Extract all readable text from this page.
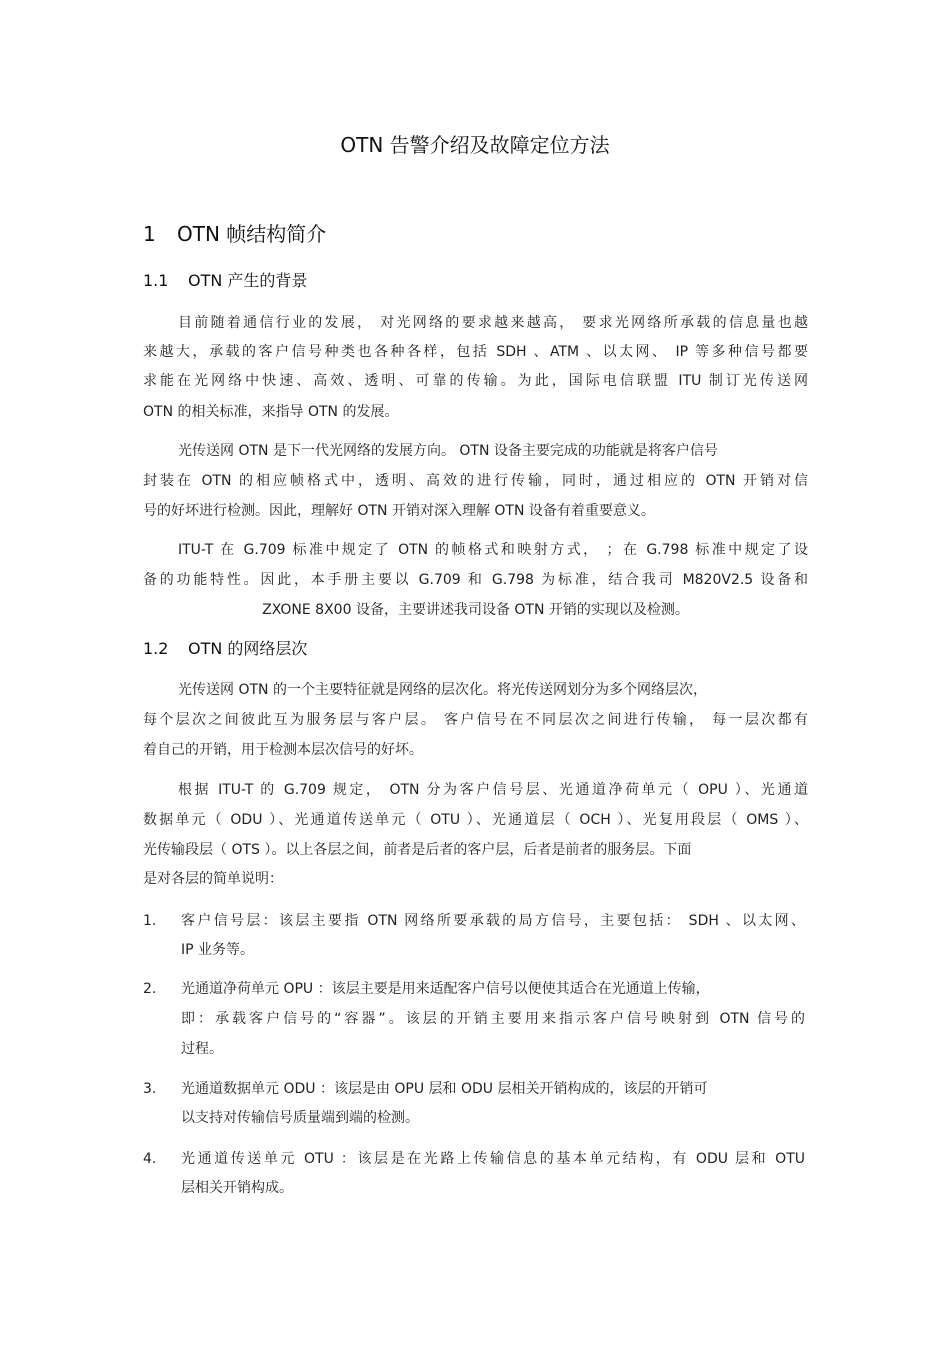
OTN 告警介绍及故障定位方法
1 OTN 帧结构简介
1.1 OTN 产生的背景
目前随着通信行业的发展， 对光网络的要求越来越高， 要求光网络所承载的信息量也越
来越大，承载的客户信号种类也各种各样，包括 SDH 、ATM 、以太网、 IP 等多种信号都要
求能在光网络中快速、高效、透明、可靠的传输。为此，国际电信联盟 ITU 制订光传送网
OTN 的相关标准，来指导 OTN 的发展。
光传送网 OTN 是下一代光网络的发展方向。 OTN 设备主要完成的功能就是将客户信号
封装在 OTN 的相应帧格式中，透明、高效的进行传输，同时，通过相应的 OTN 开销对信
号的好坏进行检测。因此，理解好 OTN 开销对深入理解 OTN 设备有着重要意义。
ITU-T 在 G.709 标准中规定了 OTN 的帧格式和映射方式， ；在 G.798 标准中规定了设
备的功能特性。因此，本手册主要以 G.709 和 G.798 为标准，结合我司 M820V2.5 设备和
ZXONE 8X00 设备，主要讲述我司设备 OTN 开销的实现以及检测。
1.2 OTN 的网络层次
光传送网 OTN 的一个主要特征就是网络的层次化。将光传送网划分为多个网络层次，
每个层次之间彼此互为服务层与客户层。 客户信号在不同层次之间进行传输， 每一层次都有
着自己的开销，用于检测本层次信号的好坏。
根据 ITU-T 的 G.709 规定， OTN 分为客户信号层、光通道净荷单元（ OPU ）、光通道
数据单元（ ODU ）、光通道传送单元（ OTU ）、光通道层（ OCH ）、光复用段层（ OMS ）、
光传输段层（ OTS ）。以上各层之间，前者是后者的客户层，后者是前者的服务层。下面
是对各层的简单说明：
1. 客户信号层：该层主要指 OTN 网络所要承载的局方信号，主要包括： SDH 、以太网、
IP 业务等。
2. 光通道净荷单元 OPU ：该层主要是用来适配客户信号以便使其适合在光通道上传输，
即：承载客户信号的“容器”。该层的开销主要用来指示客户信号映射到 OTN 信号的
过程。
3. 光通道数据单元 ODU ：该层是由 OPU 层和 ODU 层相关开销构成的，该层的开销可
以支持对传输信号质量端到端的检测。
4. 光通道传送单元 OTU ：该层是在光路上传输信息的基本单元结构，有 ODU 层和 OTU
层相关开销构成。
